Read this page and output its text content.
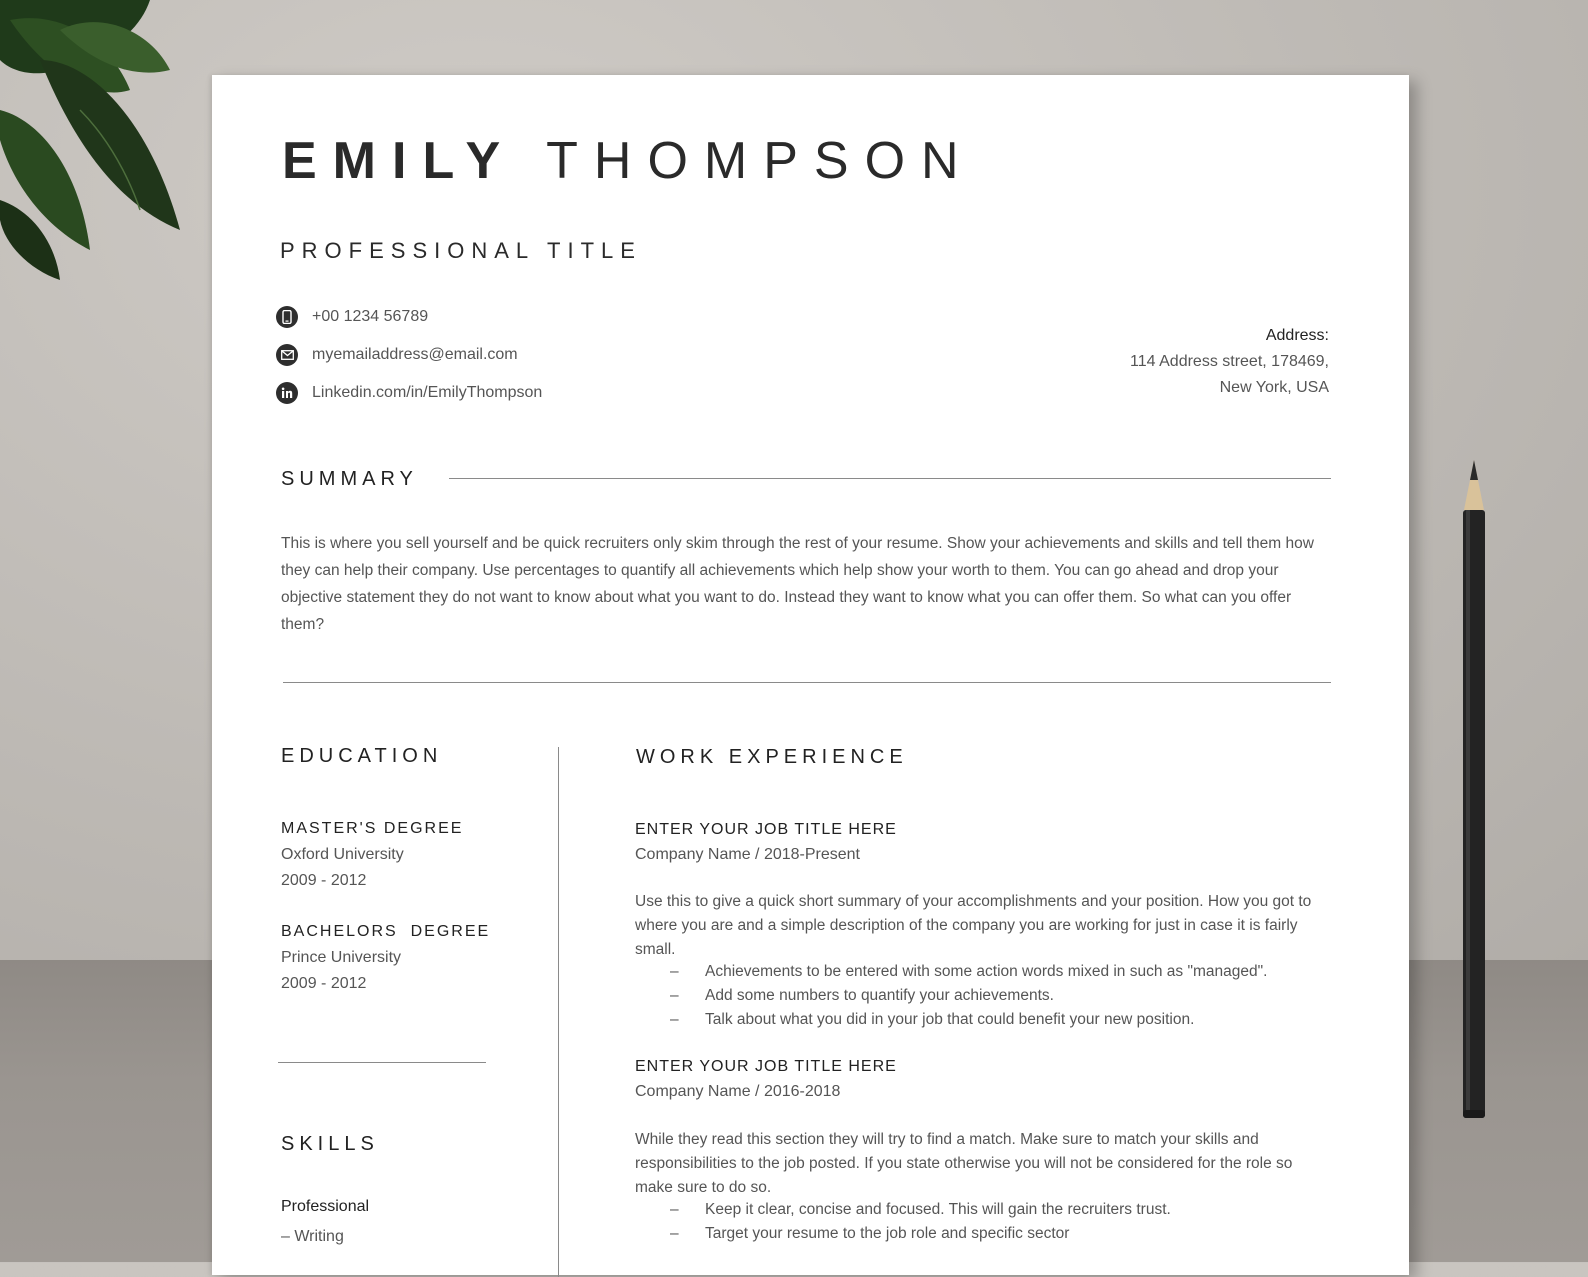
EMILY THOMPSON
PROFESSIONAL TITLE
+00 1234 56789
myemailaddress@email.com
Linkedin.com/in/EmilyThompson
Address:
114 Address street, 178469,
New York, USA
SUMMARY
This is where you sell yourself and be quick recruiters only skim through the rest of your resume. Show your achievements and skills and tell them how they can help their company. Use percentages to quantify all achievements which help show your worth to them. You can go ahead and drop your objective statement they do not want to know about what you want to do. Instead they want to know what you can offer them. So what can you offer them?
EDUCATION
MASTER'S DEGREE
Oxford University
2009 - 2012
BACHELORS  DEGREE
Prince University
2009 - 2012
SKILLS
Professional
– Writing
WORK EXPERIENCE
ENTER YOUR JOB TITLE HERE
Company Name / 2018-Present
Use this to give a quick short summary of your accomplishments and your position. How you got to where you are and a simple description of the company you are working for just in case it is fairly small.
– Achievements to be entered with some action words mixed in such as "managed".
– Add some numbers to quantify your achievements.
– Talk about what you did in your job that could benefit your new position.
ENTER YOUR JOB TITLE HERE
Company Name / 2016-2018
While they read this section they will try to find a match. Make sure to match your skills and responsibilities to the job posted. If you state otherwise you will not be considered for the role so make sure to do so.
– Keep it clear, concise and focused. This will gain the recruiters trust.
– Target your resume to the job role and specific sector
